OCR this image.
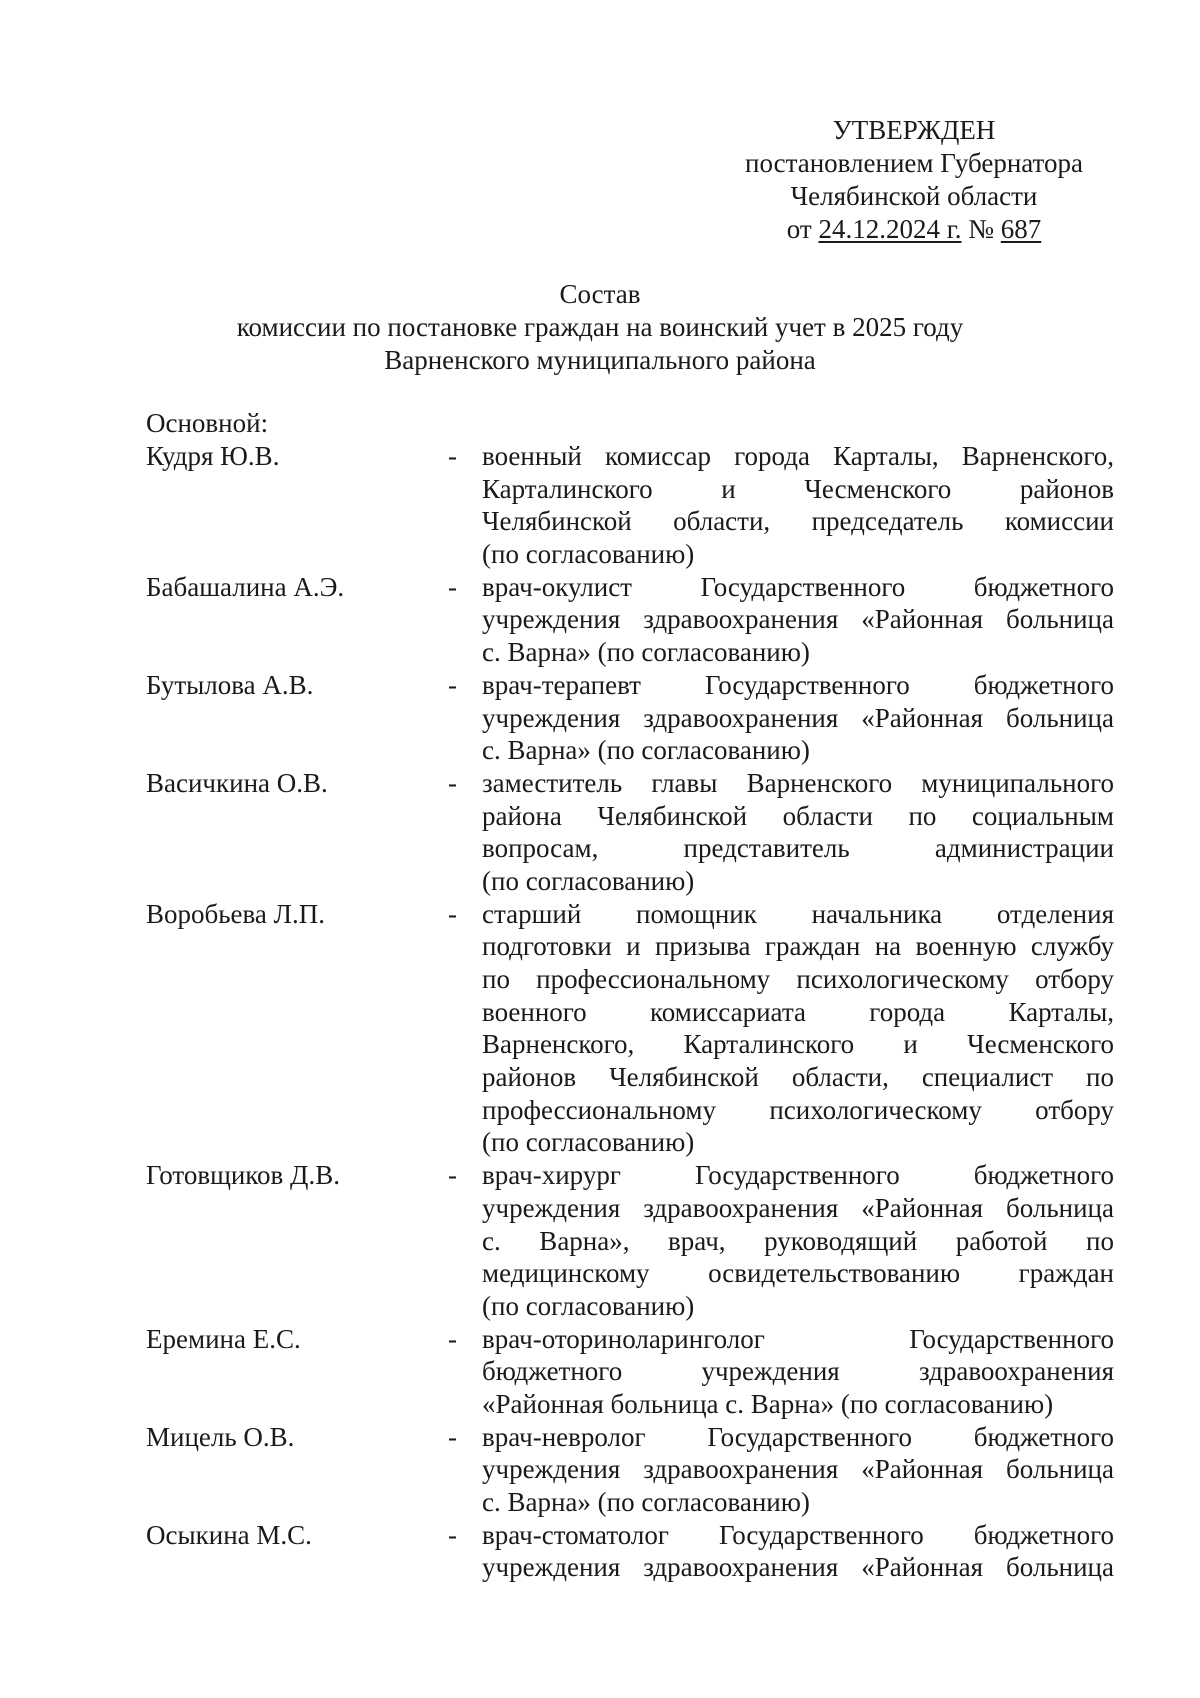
УТВЕРЖДЕН
постановлением Губернатора
Челябинской области
от 24.12.2024 г. № 687
Состав
комиссии по постановке граждан на воинский учет в 2025 году
Варненского муниципального района
Основной:
Кудря Ю.В.	- военный комиссар города Карталы, Варненского,
Карталинского и Чесменского районов
Челябинской области, председатель комиссии
(по согласованию)
Бабашалина А.Э.	- врач-окулист Государственного бюджетного
учреждения здравоохранения «Районная больница
с. Варна» (по согласованию)
Бутылова А.В.	- врач-терапевт Государственного бюджетного
учреждения здравоохранения «Районная больница
с. Варна» (по согласованию)
Васичкина О.В.	- заместитель главы Варненского муниципального
района Челябинской области по социальным
вопросам, представитель администрации
(по согласованию)
Воробьева Л.П.	- старший помощник начальника отделения
подготовки и призыва граждан на военную службу
по профессиональному психологическому отбору
военного комиссариата города Карталы,
Варненского, Карталинского и Чесменского
районов Челябинской области, специалист по
профессиональному психологическому отбору
(по согласованию)
Готовщиков Д.В.	- врач-хирург Государственного бюджетного
учреждения здравоохранения «Районная больница
с. Варна», врач, руководящий работой по
медицинскому освидетельствованию граждан
(по согласованию)
Еремина Е.С.	- врач-оториноларинголог Государственного
бюджетного учреждения здравоохранения
«Районная больница с. Варна» (по согласованию)
Мицель О.В.	- врач-невролог Государственного бюджетного
учреждения здравоохранения «Районная больница
с. Варна» (по согласованию)
Осыкина М.С.	- врач-стоматолог Государственного бюджетного
учреждения здравоохранения «Районная больница
